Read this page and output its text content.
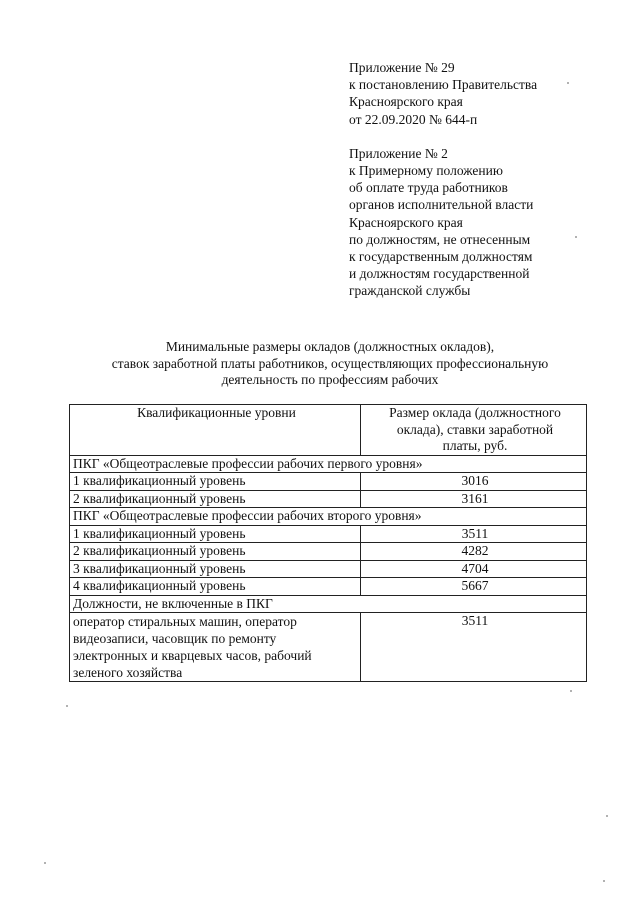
Приложение № 29
к постановлению Правительства
Красноярского края
от 22.09.2020 № 644-п

Приложение № 2
к Примерному положению
об оплате труда работников
органов исполнительной власти
Красноярского края
по должностям, не отнесенным
к государственным должностям
и должностям государственной
гражданской службы

Минимальные размеры окладов (должностных окладов),
ставок заработной платы работников, осуществляющих профессиональную
деятельность по профессиям рабочих
Квалификационные уровни	Размер оклада (должностного
оклада), ставки заработной
платы, руб.

ПКГ «Общеотраслевые профессии рабочих первого уровня»	
1 квалификационный уровень	3016
2 квалификационный уровень	3161
ПКГ «Общеотраслевые профессии рабочих второго уровня»	
1 квалификационный уровень	3511
2 квалификационный уровень	4282
3 квалификационный уровень	4704
4 квалификационный уровень	5667
Должности, не включенные в ПКГ	

оператор стиральных машин, оператор
видеозаписи, часовщик по ремонту
электронных и кварцевых часов, рабочий
зеленого хозяйства	3511
